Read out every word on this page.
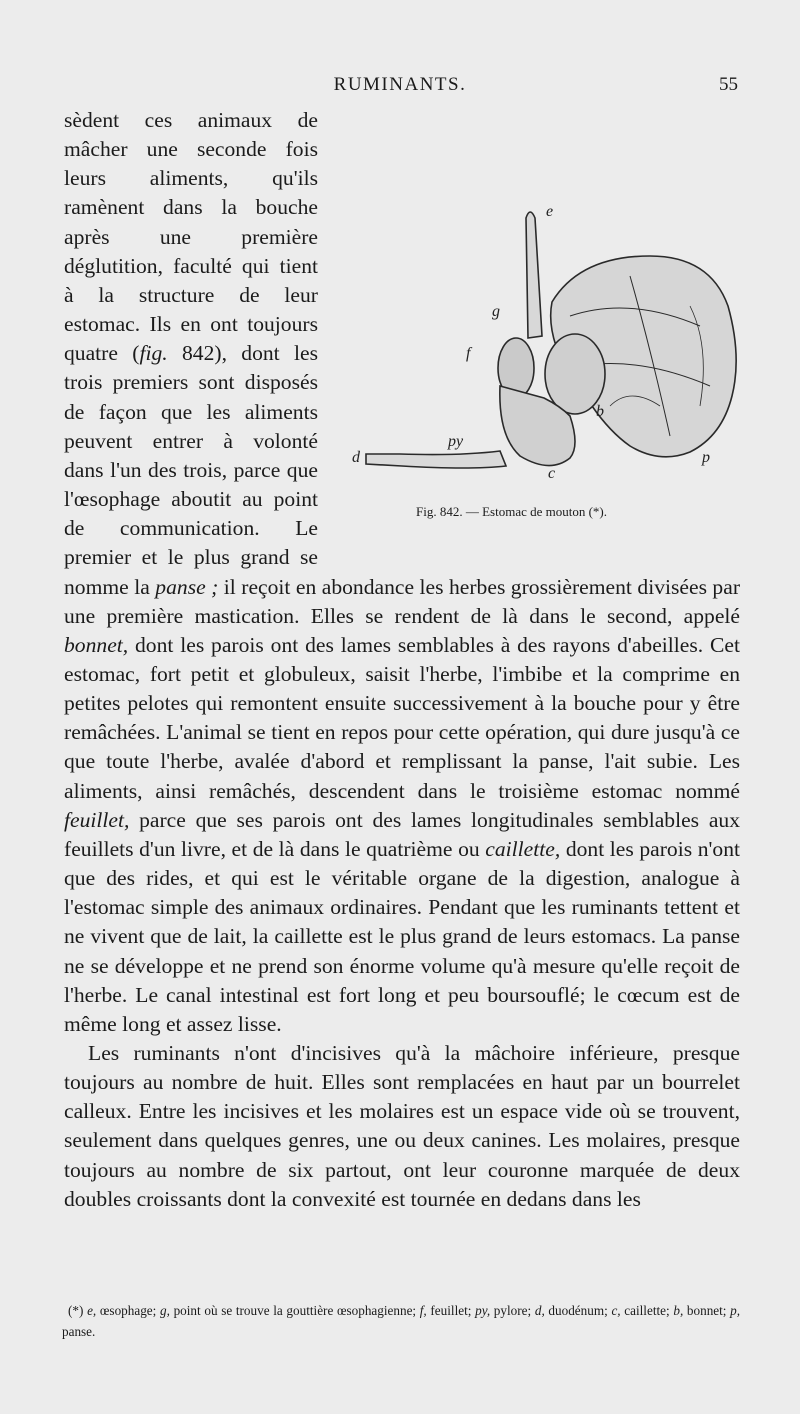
RUMINANTS.	55
e
g
f
py
d
b
c
p
Fig. 842. — Estomac de mouton (*).

sèdent ces animaux de mâcher une seconde fois leurs aliments, qu'ils ramènent dans la bouche après une première déglutition, faculté qui tient à la structure de leur estomac. Ils en ont toujours quatre (fig. 842), dont les trois premiers sont disposés de façon que les aliments peuvent entrer à volonté dans l'un des trois, parce que l'œsophage aboutit au point de communication. Le premier et le plus grand se nomme la panse ; il reçoit en abondance les herbes grossièrement divisées par une première mastication. Elles se rendent de là dans le second, appelé bonnet, dont les parois ont des lames semblables à des rayons d'abeilles. Cet estomac, fort petit et globuleux, saisit l'herbe, l'imbibe et la comprime en petites pelotes qui remontent ensuite successivement à la bouche pour y être remâchées. L'animal se tient en repos pour cette opération, qui dure jusqu'à ce que toute l'herbe, avalée d'abord et remplissant la panse, l'ait subie. Les aliments, ainsi remâchés, descendent dans le troisième estomac nommé feuillet, parce que ses parois ont des lames longitudinales semblables aux feuillets d'un livre, et de là dans le quatrième ou caillette, dont les parois n'ont que des rides, et qui est le véritable organe de la digestion, analogue à l'estomac simple des animaux ordinaires. Pendant que les ruminants tettent et ne vivent que de lait, la caillette est le plus grand de leurs estomacs. La panse ne se développe et ne prend son énorme volume qu'à mesure qu'elle reçoit de l'herbe. Le canal intestinal est fort long et peu boursouflé; le cœcum est de même long et assez lisse.

Les ruminants n'ont d'incisives qu'à la mâchoire inférieure, presque toujours au nombre de huit. Elles sont remplacées en haut par un bourrelet calleux. Entre les incisives et les molaires est un espace vide où se trouvent, seulement dans quelques genres, une ou deux canines. Les molaires, presque toujours au nombre de six partout, ont leur couronne marquée de deux doubles croissants dont la convexité est tournée en dedans dans les

(*) e, œsophage; g, point où se trouve la gouttière œsophagienne; f, feuillet; py, pylore; d, duodénum; c, caillette; b, bonnet; p, panse.
